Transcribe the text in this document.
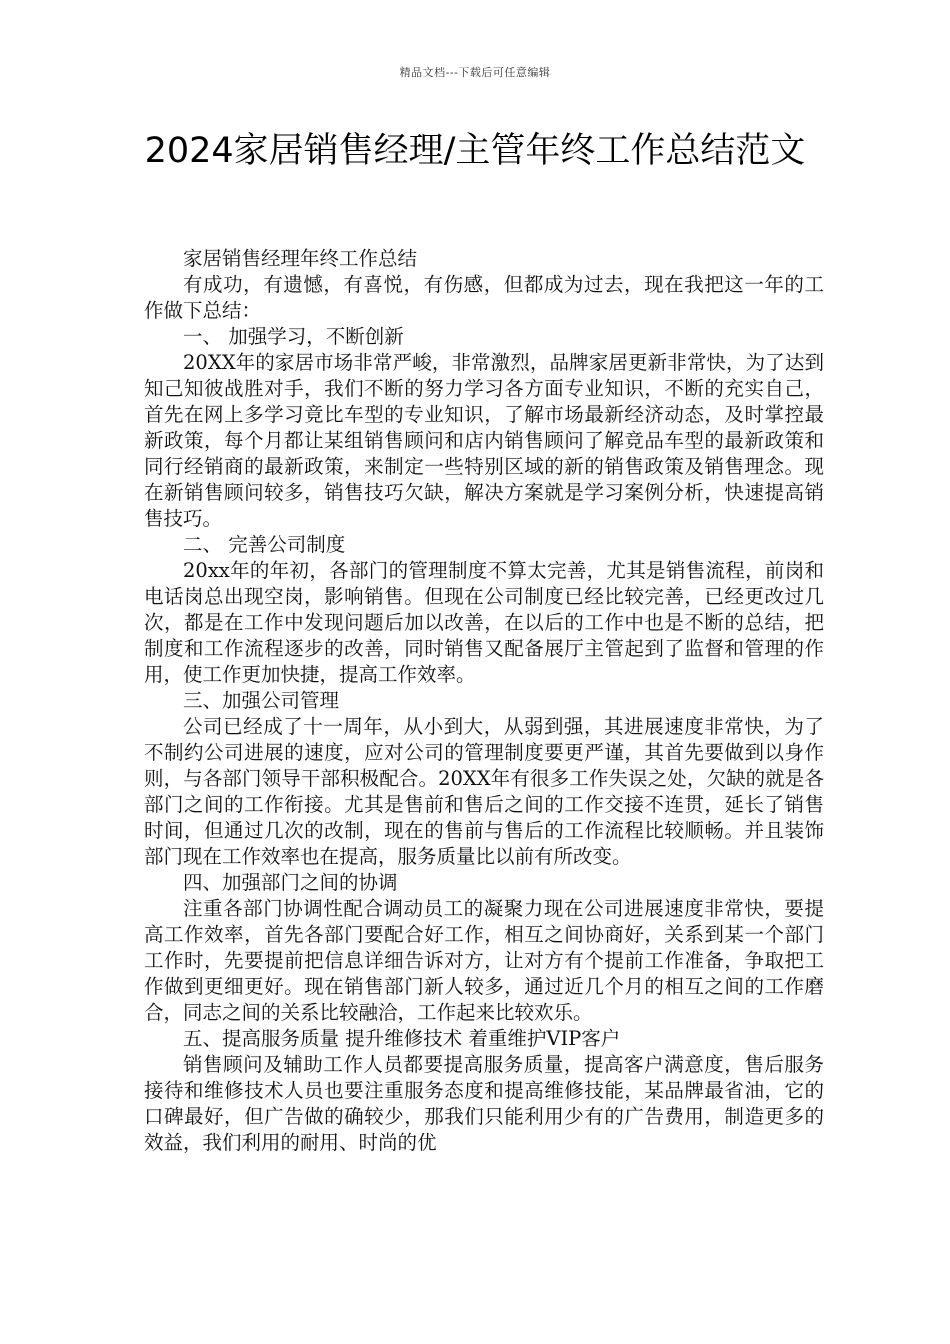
精品文档---下载后可任意编辑
2024家居销售经理/主管年终工作总结范文

家居销售经理年终工作总结

有成功，有遗憾，有喜悦，有伤感，但都成为过去，现在我把这一年的工作做下总结：

一、 加强学习，不断创新

20XX年的家居市场非常严峻，非常激烈，品牌家居更新非常快，为了达到知己知彼战胜对手，我们不断的努力学习各方面专业知识，不断的充实自己，首先在网上多学习竟比车型的专业知识，了解市场最新经济动态，及时掌控最新政策，每个月都让某组销售顾问和店内销售顾问了解竞品车型的最新政策和同行经销商的最新政策，来制定一些特别区域的新的销售政策及销售理念。现在新销售顾问较多，销售技巧欠缺，解决方案就是学习案例分析，快速提高销售技巧。

二、 完善公司制度

20xx年的年初，各部门的管理制度不算太完善，尤其是销售流程，前岗和电话岗总出现空岗，影响销售。但现在公司制度已经比较完善，已经更改过几次，都是在工作中发现问题后加以改善，在以后的工作中也是不断的总结，把制度和工作流程逐步的改善，同时销售又配备展厅主管起到了监督和管理的作用，使工作更加快捷，提高工作效率。

三、加强公司管理

公司已经成了十一周年，从小到大，从弱到强，其进展速度非常快，为了不制约公司进展的速度，应对公司的管理制度要更严谨，其首先要做到以身作则，与各部门领导干部积极配合。20XX年有很多工作失误之处，欠缺的就是各部门之间的工作衔接。尤其是售前和售后之间的工作交接不连贯，延长了销售时间，但通过几次的改制，现在的售前与售后的工作流程比较顺畅。并且装饰部门现在工作效率也在提高，服务质量比以前有所改变。

四、加强部门之间的协调

注重各部门协调性配合调动员工的凝聚力现在公司进展速度非常快，要提高工作效率，首先各部门要配合好工作，相互之间协商好，关系到某一个部门工作时，先要提前把信息详细告诉对方，让对方有个提前工作准备，争取把工作做到更细更好。现在销售部门新人较多，通过近几个月的相互之间的工作磨合，同志之间的关系比较融洽，工作起来比较欢乐。

五、提高服务质量 提升维修技术 着重维护VIP客户

销售顾问及辅助工作人员都要提高服务质量，提高客户满意度，售后服务接待和维修技术人员也要注重服务态度和提高维修技能，某品牌最省油，它的口碑最好，但广告做的确较少，那我们只能利用少有的广告费用，制造更多的效益，我们利用的耐用、时尚的优
